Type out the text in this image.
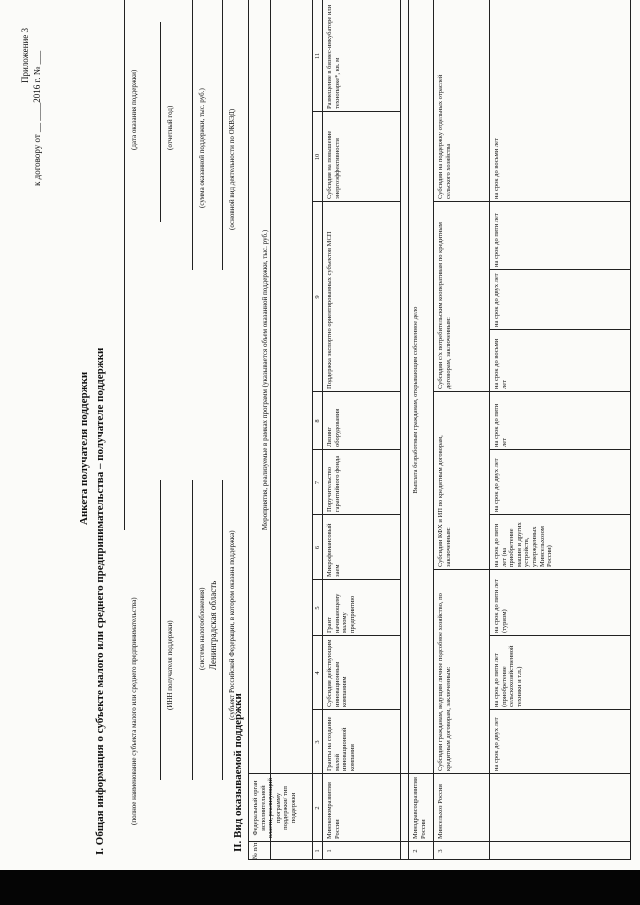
Приложение 3 к договору от __ ____2016 г. № ___
Анкета получателя поддержки I. Общая информация о субъекте малого или среднего предпринимательства – получателе поддержки	(полное наименование субъекта малого или среднего предпринимательства)
(дата оказания поддержки)
(ИНН получателя поддержки)
(отчетный год)
(система налогообложения)
(сумма оказанной поддержки, тыс. руб.)
Ленинградская область (субъект Российской Федерации, в котором оказана поддержка)
(основной вид деятельности по ОКВЭД)
II. Вид оказываемой поддержки № п/п
Федеральный орган исполнительной власти, реализующий программу поддержки/ тип поддержки
Мероприятия, реализуемые в рамках программ (указывается объем оказанной поддержки, тыс. руб.)
1
2
3
4
5
6
7
8
9
10
11
1
Минэкономразвития России
Гранты на создание малой инновационной компании
Субсидия действующим инновационным компаниям
Грант начинающему малому предприятию
Микрофинансовый заем
Поручительство гарантийного фонда
Лизинг оборудования
Поддержка экспортно ориентированных субъектов МСП
Субсидия на повышение энергоэффективности
Размещение в бизнес-инкубаторе или технопарке*, кв. м
2
Минздравсоцразвития России
Выплата безработным гражданам, открывающим собственное дело
3
Минсельхоз России
Субсидии гражданам, ведущим личное подсобное хозяйство, по кредитным договорам, заключенным:
Субсидии КФХ и ИП по кредитным договорам, заключенным:
Субсидии с/х потребительским кооперативам по кредитным договорам, заключенным:
Субсидии на поддержку отдельных отраслей сельского хозяйства
на срок до двух лет
на срок до пяти лет (приобретение сельскохозяйственной техники и т.п.)
на срок до пяти лет (туризм)
на срок до пяти лет (на приобретение машин и других устройств, утвержденных Минсельхозом России)
на срок до двух лет
на срок до пяти лет
на срок до восьми лет
на срок до двух лет
на срок до пяти лет
на срок до восьми лет
